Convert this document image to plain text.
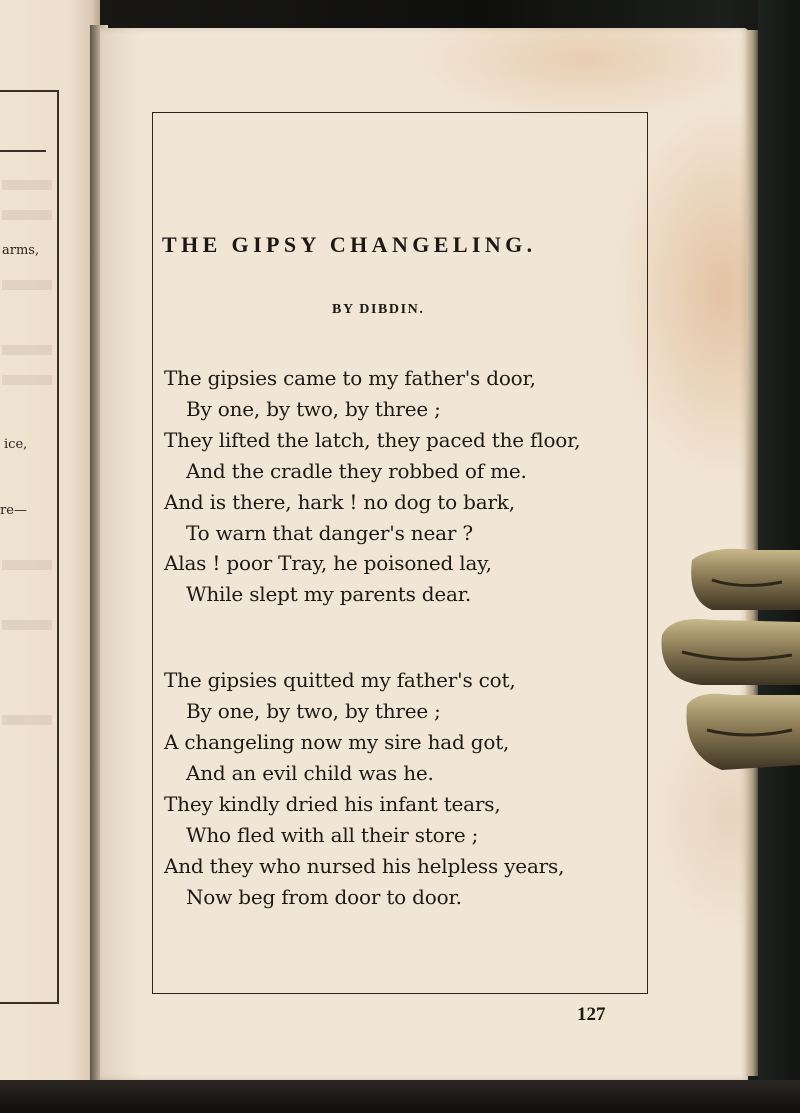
arms,
ice,
re—
THE GIPSY CHANGELING.
BY DIBDIN.
The gipsies came to my father's door,
By one, by two, by three ;
They lifted the latch, they paced the floor,
And the cradle they robbed of me.
And is there, hark ! no dog to bark,
To warn that danger's near ?
Alas ! poor Tray, he poisoned lay,
While slept my parents dear.
The gipsies quitted my father's cot,
By one, by two, by three ;
A changeling now my sire had got,
And an evil child was he.
They kindly dried his infant tears,
Who fled with all their store ;
And they who nursed his helpless years,
Now beg from door to door.
127
